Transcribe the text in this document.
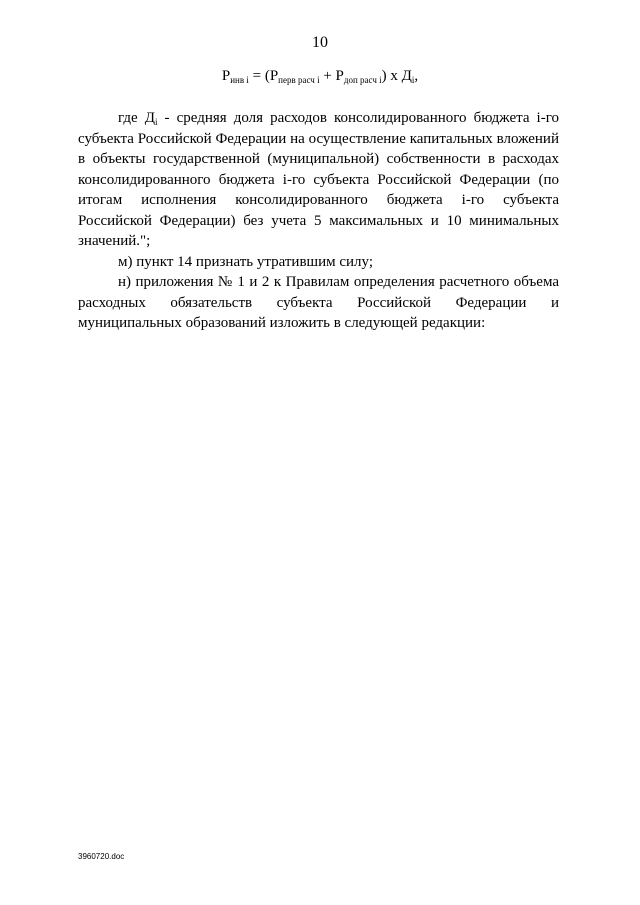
10
$P_{инв i} = (P_{перв расч i} + P_{доп расч i})$ x $Д_i$,

где $Д_i$ - средняя доля расходов консолидированного бюджета i-го субъекта Российской Федерации на осуществление капитальных вложений в объекты государственной (муниципальной) собственности в расходах консолидированного бюджета i-го субъекта Российской Федерации (по итогам исполнения консолидированного бюджета i-го субъекта Российской Федерации) без учета 5 максимальных и 10 минимальных значений.";

м) пункт 14 признать утратившим силу;

н) приложения № 1 и 2 к Правилам определения расчетного объема расходных обязательств субъекта Российской Федерации и муниципальных образований изложить в следующей редакции:

3960720.doc
